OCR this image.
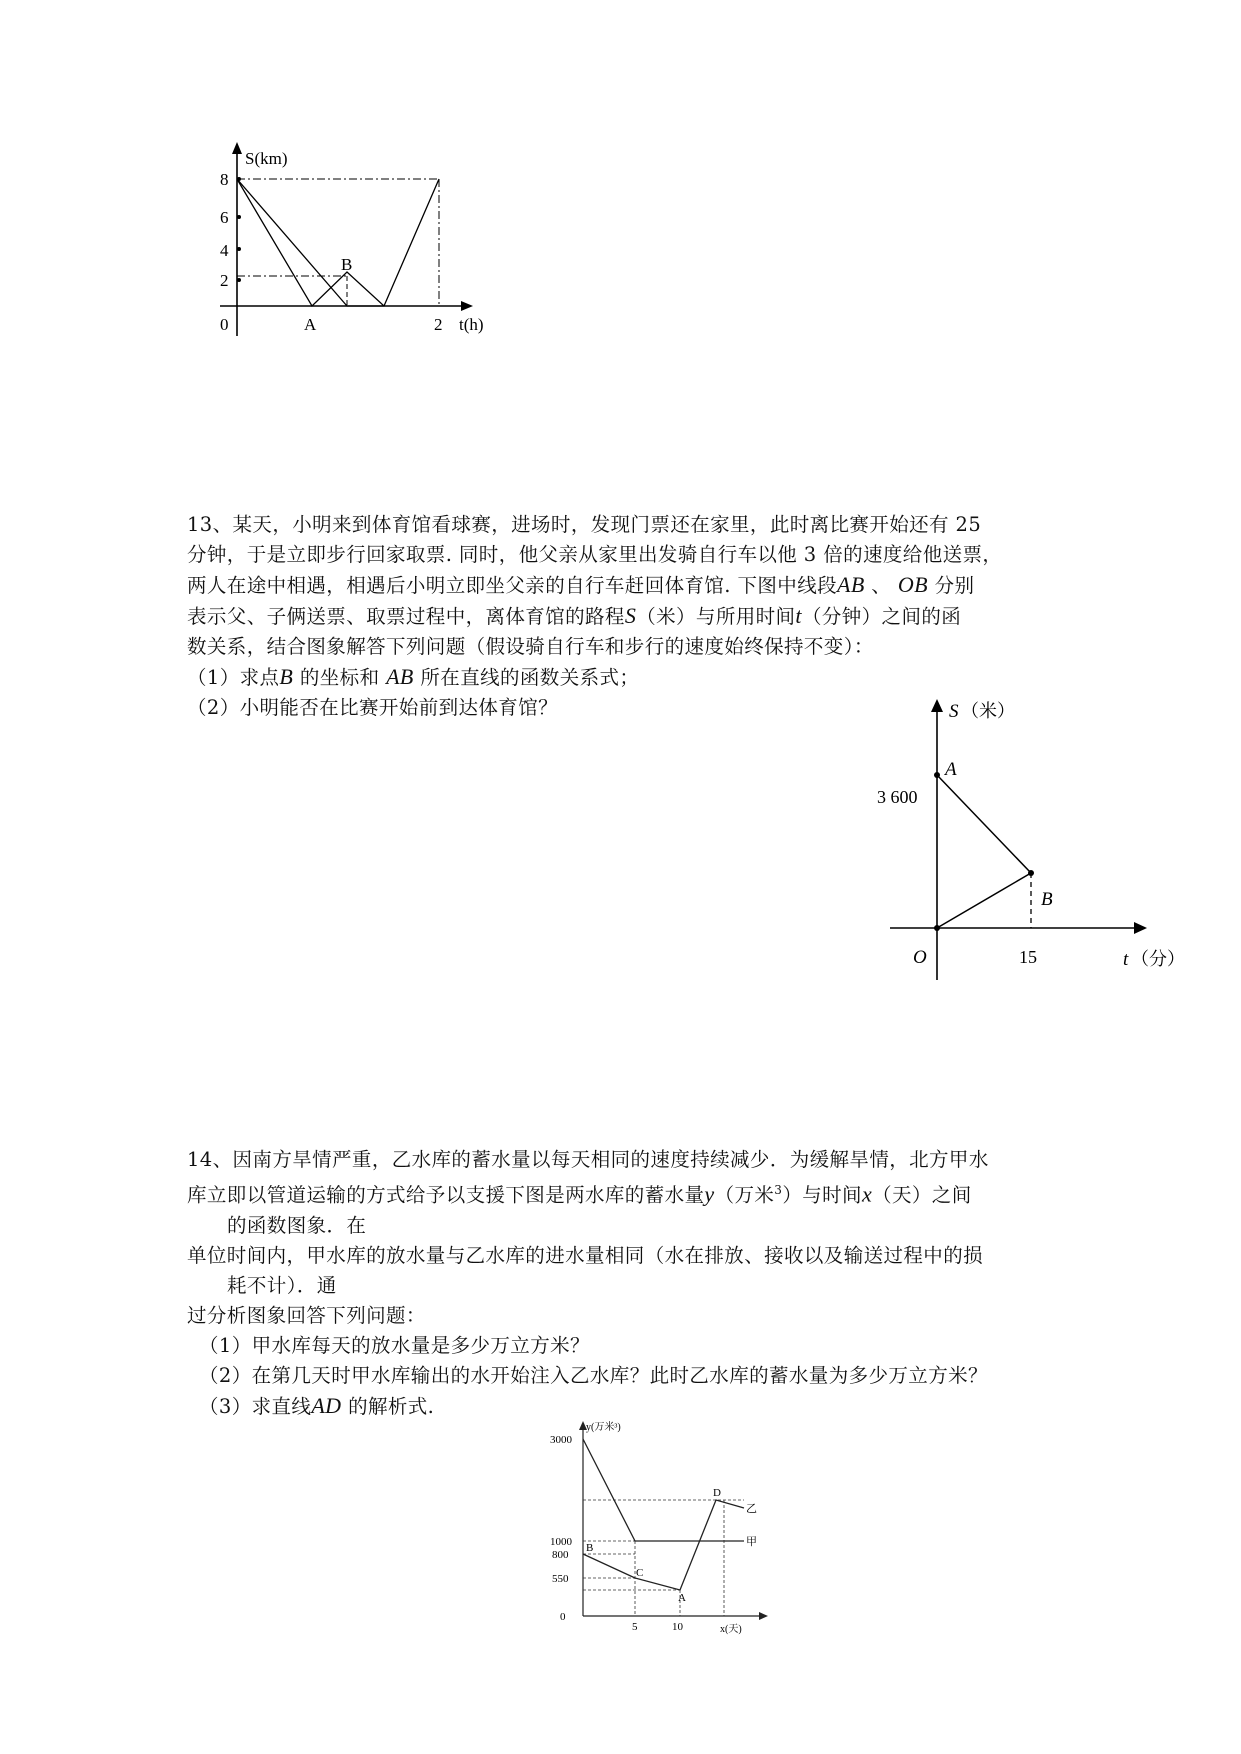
S(km)
8
6
4
2
B
0	A	2 t(h)

13、某天，小明来到体育馆看球赛，进场时，发现门票还在家里，此时离比赛开始还有 25

分钟，于是立即步行回家取票. 同时，他父亲从家里出发骑自行车以他 3 倍的速度给他送票，

两人在途中相遇，相遇后小明立即坐父亲的自行车赶回体育馆. 下图中线段AB 、 OB 分别

表示父、子俩送票、取票过程中，离体育馆的路程S（米）与所用时间t（分钟）之间的函

数关系，结合图象解答下列问题（假设骑自行车和步行的速度始终保持不变）：

（1）求点B 的坐标和 AB 所在直线的函数关系式；

（2）小明能否在比赛开始前到达体育馆？	S （米）
A
3 600
B
O	15	t （分）

14、因南方旱情严重，乙水库的蓄水量以每天相同的速度持续减少．为缓解旱情，北方甲水

库立即以管道运输的方式给予以支援下图是两水库的蓄水量y（万米$^3$）与时间x（天）之间

的函数图象．在

单位时间内，甲水库的放水量与乙水库的进水量相同（水在排放、接收以及输送过程中的损

耗不计）．通

过分析图象回答下列问题：

（1）甲水库每天的放水量是多少万立方米？

（2）在第几天时甲水库输出的水开始注入乙水库？此时乙水库的蓄水量为多少万立方米？

（3）求直线AD 的解析式.

y(万米³)
3000
1000
800
550
0
5	10	x(天)
B
C
A
D
乙
甲
